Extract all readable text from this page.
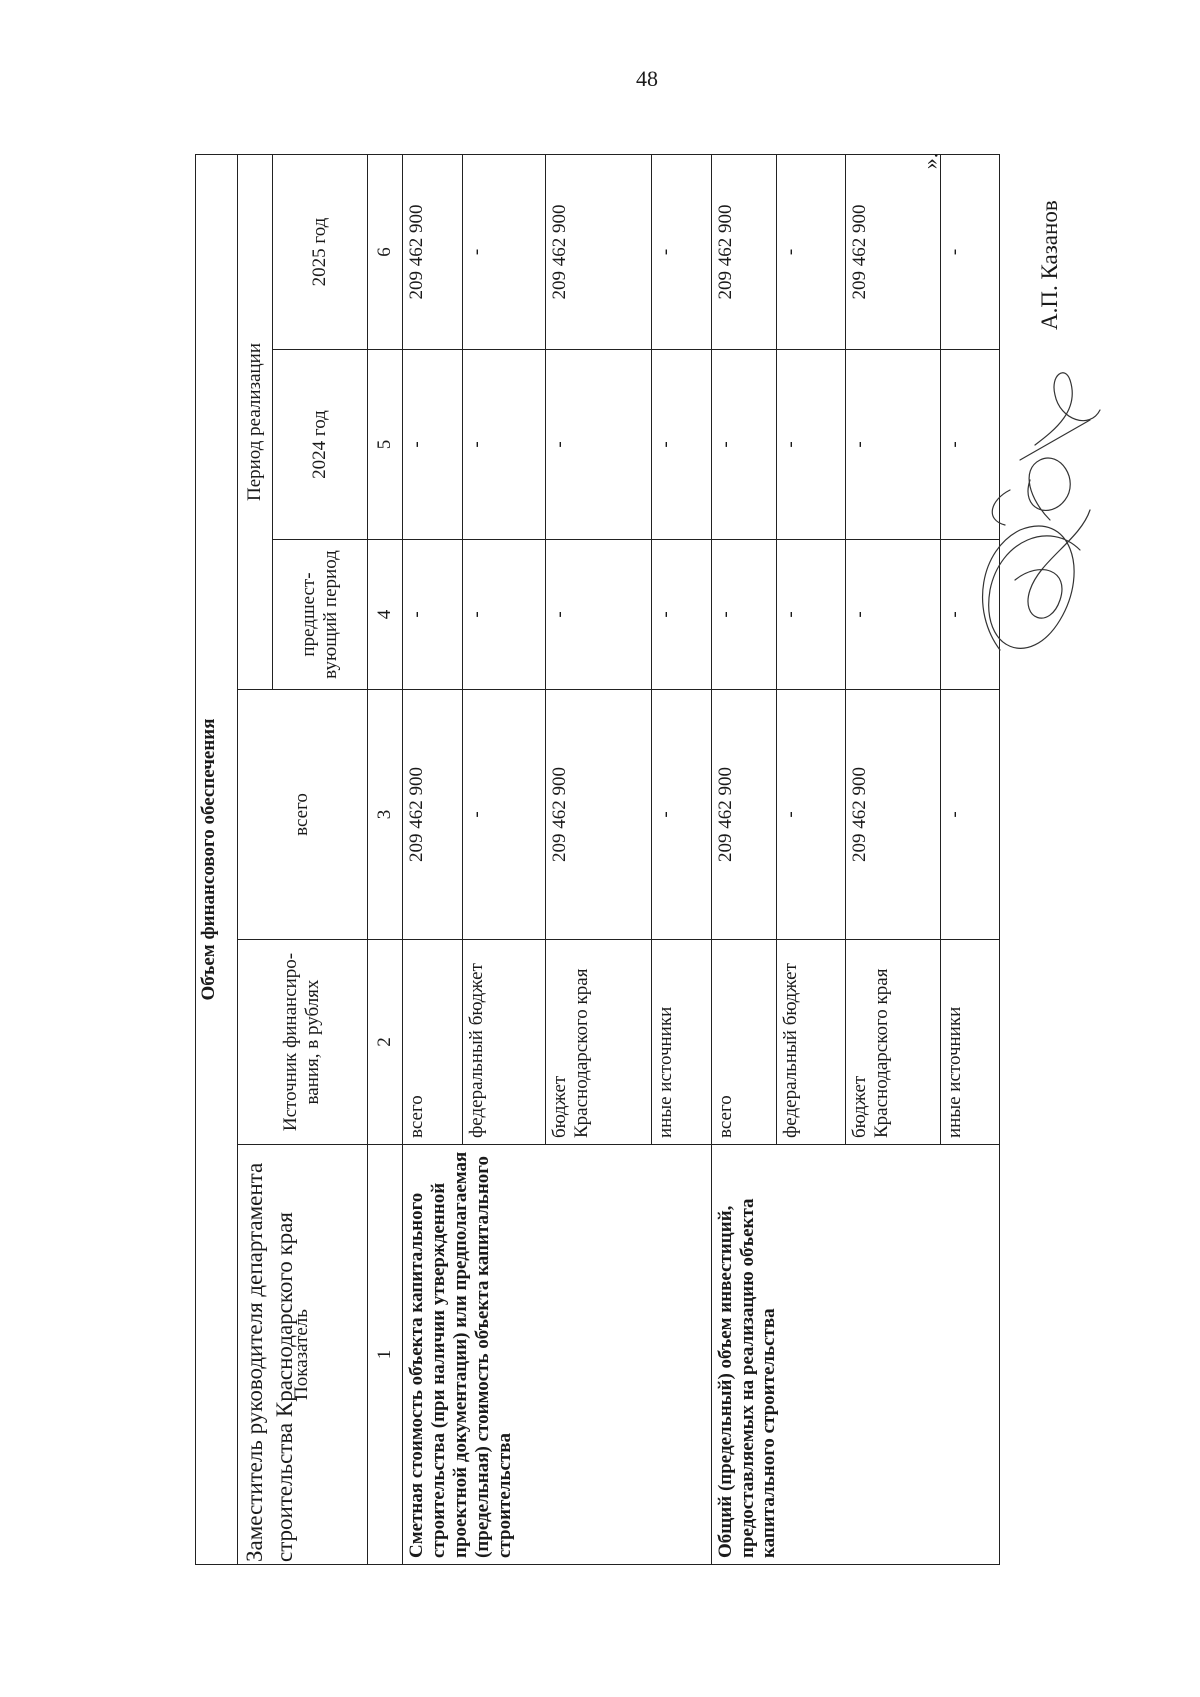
48
Объем финансового обеспечения					
Показатель	Источник финансиро-вания, в рублях	всего	Период реализации		
			предшест-вующий период	2024 год	2025 год
1	2	3	4	5	6
Сметная стоимость объекта капитального строительства (при наличии утвержденной проектной документации) или предполагаемая (предельная) стоимость объекта капитального строительства	всего	209 462 900	-	-	209 462 900
	федеральный бюджет	-	-	-	-
	бюджет Краснодарского края	209 462 900	-	-	209 462 900
	иные источники	-	-	-	-
Общий (предельный) объем инвестиций, предоставляемых на реализацию объекта капитального строительства	всего	209 462 900	-	-	209 462 900
	федеральный бюджет	-	-	-	-
	бюджет Краснодарского края	209 462 900	-	-	209 462 900
	иные источники	-	-	-	-
».
Заместитель руководителя департамента строительства Краснодарского края
А.П. Казанов
